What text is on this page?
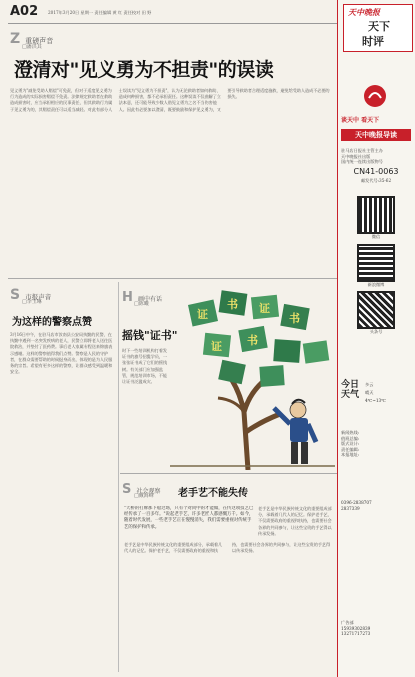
A02 2017年3月20日 星期一 责任编辑 黄 红 责任校对 田 野
Z 重磅声音
□潘洪其
澄清对"见义勇为不担责"的误读
见义勇为"减免受助人赔偿"可免责，但对于适度见义勇为行为造成的实际损害赔偿不免责。法律规定救助者在救助造成损害时，应当承担相应的民事责任，但其救助行为属于见义勇为的，其赔偿责任可以适当减轻。对此有部分人士误读为"见义勇为不担责"，认为无论救助者如何救助、造成何种损害，都不必承担责任。这种误读不仅曲解了立法本意，还可能导致少数人借见义勇为之名不当伤害他人。因此有必要加以澄清，既要鼓励和保护见义勇为，又要引导救助者合理适度施救，避免给受助人造成不必要的损失。
S 市报声音
□李玉琳
为这样的警察点赞
3月16日中午，在驻马店市汝南县公安局执勤的民警，在执勤中遇到一名突发疾病的老人，民警立即将老人送往医院救治，并垫付了医药费。事后老人家属专程送来锦旗表示感谢。这样的警察值得我们点赞。警察是人民的守护者，在群众需要帮助的时候挺身而出，体现的是为人民服务的宗旨。希望有更多这样的警察，让群众感受到温暖和安全。
H 画中有话
□陈曦
摇钱"证书"
证
书 证
书
证 书
时下一些培训机构打着发证书的旗号招揽学员，一张张证书成了它们的摇钱树。有关部门应加强监管，规范培训市场，不能让证书泛滥成灾。
S 社会观察
□戴海峰 老手艺不能失传
"天桥的打牌那下船过场，只有个对同中的才能做，在传这项技艺已经传承了一百多年。"说起老手艺，许多老匠人都感慨万千。如今，随着时代发展，一些老手艺正在慢慢消失，我们需要重视对传统手艺的保护和传承。
老手艺是中华民族传统文化的重要组成部分，承载着几代人的记忆。保护老手艺，不仅需要政府的重视和扶持，也需要社会各界的共同参与，让这些宝贵的手艺得以传承发扬。
老手艺是中华民族传统文化的重要组成部分，承载着几代人的记忆。保护老手艺，不仅需要政府的重视和扶持，也需要社会各界的共同参与，让这些宝贵的手艺得以传承发扬。
天中晚报
天下
时评
谈天中 看天下
天中晚报导读
驻马店日报社主管主办
天中晚报社出版
国内统一连续出版物号
CN41-0063
邮发代号:35-62
微信
新浪微博
头条号
今日天气
多云
晴天
4℃~13℃
新闻热线:
值班总编:
版式设计:
责任编辑:
本报地址:
0396-2838707
2837339
广告部
15939302839
13271717273
